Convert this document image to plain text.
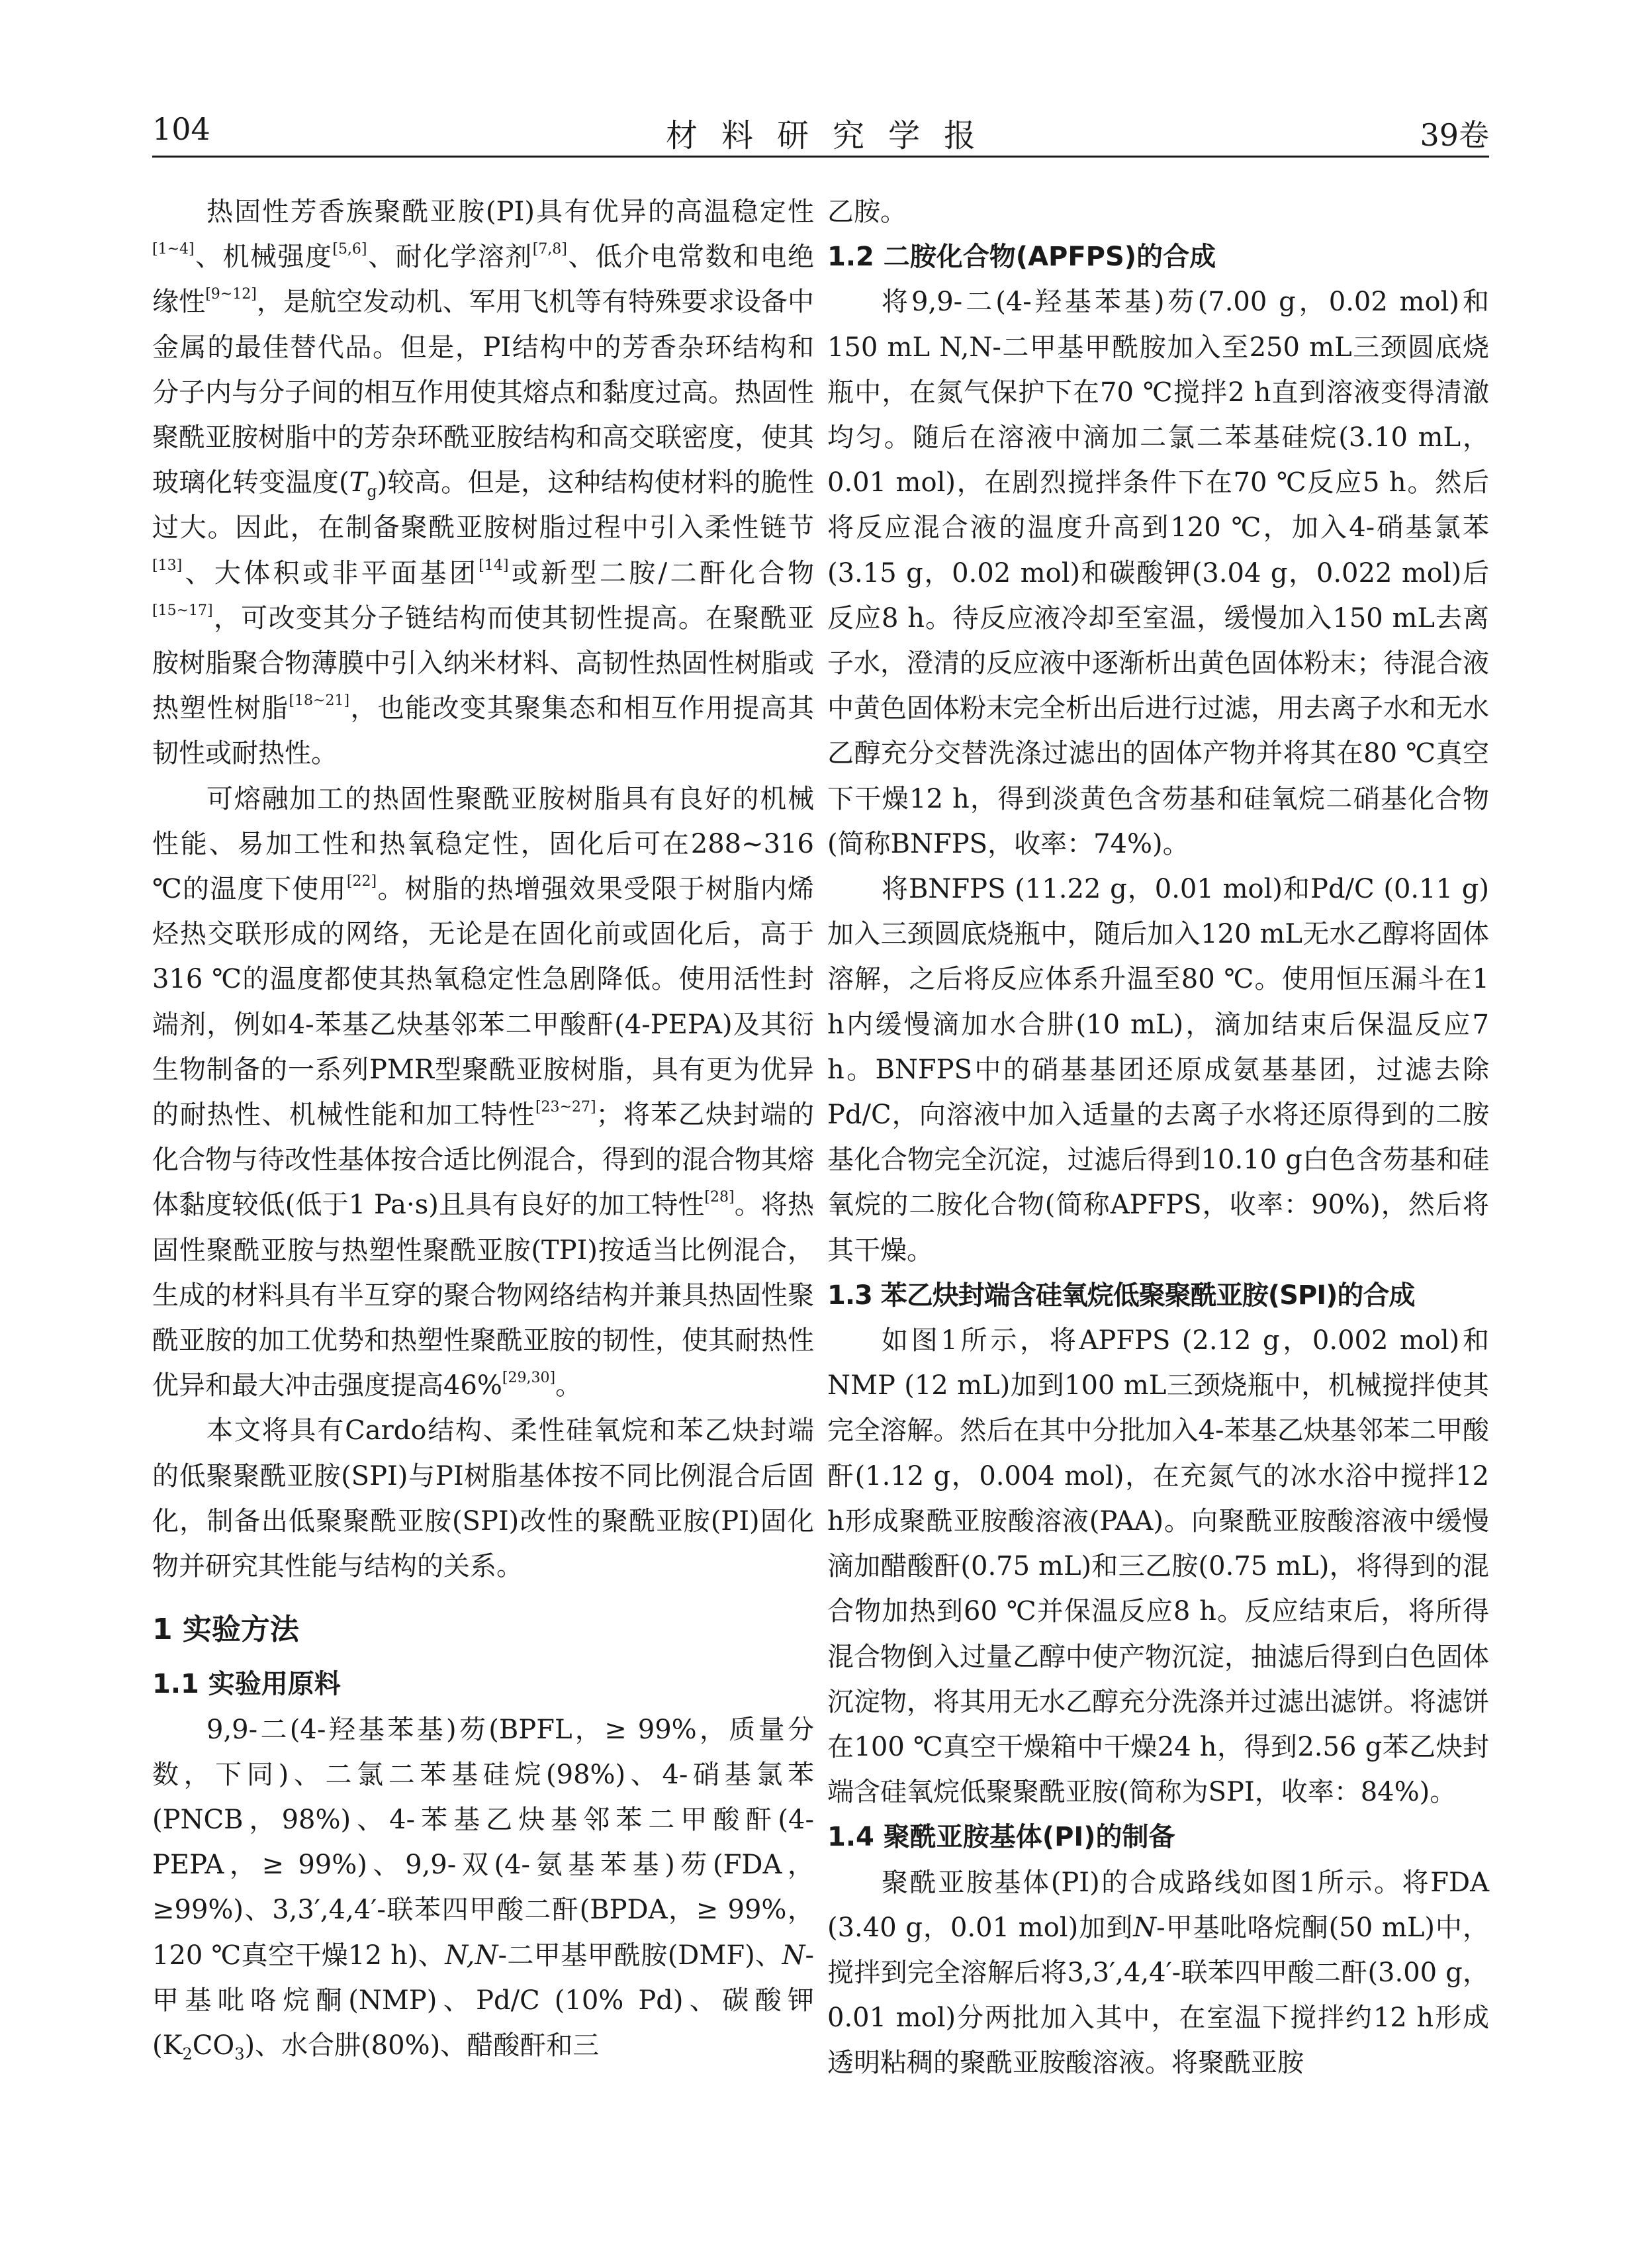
104	材料研究学报	39卷

热固性芳香族聚酰亚胺(PI)具有优异的高温稳定性[1~4]、机械强度[5,6]、耐化学溶剂[7,8]、低介电常数和电绝缘性[9~12]，是航空发动机、军用飞机等有特殊要求设备中金属的最佳替代品。但是，PI结构中的芳香杂环结构和分子内与分子间的相互作用使其熔点和黏度过高。热固性聚酰亚胺树脂中的芳杂环酰亚胺结构和高交联密度，使其玻璃化转变温度$(T_g)$较高。但是，这种结构使材料的脆性过大。因此，在制备聚酰亚胺树脂过程中引入柔性链节[13]、大体积或非平面基团[14]或新型二胺/二酐化合物[15~17]，可改变其分子链结构而使其韧性提高。在聚酰亚胺树脂聚合物薄膜中引入纳米材料、高韧性热固性树脂或热塑性树脂[18~21]，也能改变其聚集态和相互作用提高其韧性或耐热性。

可熔融加工的热固性聚酰亚胺树脂具有良好的机械性能、易加工性和热氧稳定性，固化后可在288~316 ℃的温度下使用[22]。树脂的热增强效果受限于树脂内烯烃热交联形成的网络，无论是在固化前或固化后，高于316 ℃的温度都使其热氧稳定性急剧降低。使用活性封端剂，例如4-苯基乙炔基邻苯二甲酸酐(4-PEPA)及其衍生物制备的一系列PMR型聚酰亚胺树脂，具有更为优异的耐热性、机械性能和加工特性[23~27]；将苯乙炔封端的化合物与待改性基体按合适比例混合，得到的混合物其熔体黏度较低(低于1 Pa·s)且具有良好的加工特性[28]。将热固性聚酰亚胺与热塑性聚酰亚胺(TPI)按适当比例混合，生成的材料具有半互穿的聚合物网络结构并兼具热固性聚酰亚胺的加工优势和热塑性聚酰亚胺的韧性，使其耐热性优异和最大冲击强度提高46%[29,30]。

本文将具有Cardo结构、柔性硅氧烷和苯乙炔封端的低聚聚酰亚胺(SPI)与PI树脂基体按不同比例混合后固化，制备出低聚聚酰亚胺(SPI)改性的聚酰亚胺(PI)固化物并研究其性能与结构的关系。

1 实验方法
1.1 实验用原料

9,9-二(4-羟基苯基)芴(BPFL，≥ 99%，质量分数，下同)、二氯二苯基硅烷(98%)、4-硝基氯苯(PNCB，98%)、4-苯基乙炔基邻苯二甲酸酐(4-PEPA，≥ 99%)、9,9-双(4-氨基苯基)芴(FDA，≥99%)、3,3′,4,4′-联苯四甲酸二酐(BPDA，≥ 99%，120 ℃真空干燥12 h)、N,N-二甲基甲酰胺(DMF)、N-甲基吡咯烷酮(NMP)、Pd/C (10% Pd)、碳酸钾$(K_2CO_3)$、水合肼(80%)、醋酸酐和三

乙胺。

1.2 二胺化合物(APFPS)的合成

将9,9-二(4-羟基苯基)芴(7.00 g，0.02 mol)和150 mL N,N-二甲基甲酰胺加入至250 mL三颈圆底烧瓶中，在氮气保护下在70 ℃搅拌2 h直到溶液变得清澈均匀。随后在溶液中滴加二氯二苯基硅烷(3.10 mL，0.01 mol)，在剧烈搅拌条件下在70 ℃反应5 h。然后将反应混合液的温度升高到120 ℃，加入4-硝基氯苯(3.15 g，0.02 mol)和碳酸钾(3.04 g，0.022 mol)后反应8 h。待反应液冷却至室温，缓慢加入150 mL去离子水，澄清的反应液中逐渐析出黄色固体粉末；待混合液中黄色固体粉末完全析出后进行过滤，用去离子水和无水乙醇充分交替洗涤过滤出的固体产物并将其在80 ℃真空下干燥12 h，得到淡黄色含芴基和硅氧烷二硝基化合物(简称BNFPS，收率：74%)。

将BNFPS (11.22 g，0.01 mol)和Pd/C (0.11 g)加入三颈圆底烧瓶中，随后加入120 mL无水乙醇将固体溶解，之后将反应体系升温至80 ℃。使用恒压漏斗在1 h内缓慢滴加水合肼(10 mL)，滴加结束后保温反应7 h。BNFPS中的硝基基团还原成氨基基团，过滤去除Pd/C，向溶液中加入适量的去离子水将还原得到的二胺基化合物完全沉淀，过滤后得到10.10 g白色含芴基和硅氧烷的二胺化合物(简称APFPS，收率：90%)，然后将其干燥。

1.3 苯乙炔封端含硅氧烷低聚聚酰亚胺(SPI)的合成

如图1所示，将APFPS (2.12 g，0.002 mol)和NMP (12 mL)加到100 mL三颈烧瓶中，机械搅拌使其完全溶解。然后在其中分批加入4-苯基乙炔基邻苯二甲酸酐(1.12 g，0.004 mol)，在充氮气的冰水浴中搅拌12 h形成聚酰亚胺酸溶液(PAA)。向聚酰亚胺酸溶液中缓慢滴加醋酸酐(0.75 mL)和三乙胺(0.75 mL)，将得到的混合物加热到60 ℃并保温反应8 h。反应结束后，将所得混合物倒入过量乙醇中使产物沉淀，抽滤后得到白色固体沉淀物，将其用无水乙醇充分洗涤并过滤出滤饼。将滤饼在100 ℃真空干燥箱中干燥24 h，得到2.56 g苯乙炔封端含硅氧烷低聚聚酰亚胺(简称为SPI，收率：84%)。

1.4 聚酰亚胺基体(PI)的制备

聚酰亚胺基体(PI)的合成路线如图1所示。将FDA (3.40 g，0.01 mol)加到N-甲基吡咯烷酮(50 mL)中，搅拌到完全溶解后将3,3′,4,4′-联苯四甲酸二酐(3.00 g，0.01 mol)分两批加入其中，在室温下搅拌约12 h形成透明粘稠的聚酰亚胺酸溶液。将聚酰亚胺
